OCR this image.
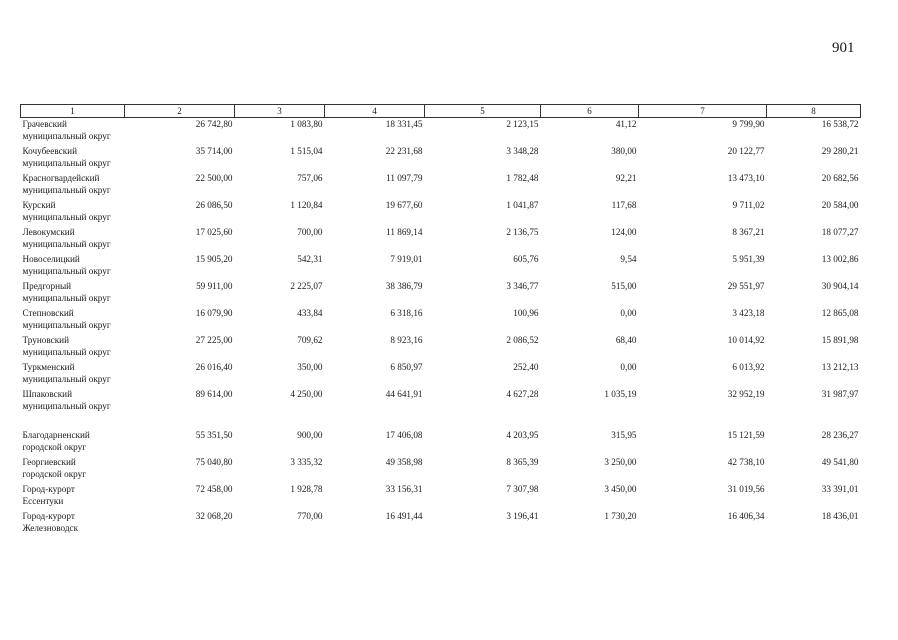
901
1	2	3	4	5	6	7	8

Грачевский
муниципальный округ	26 742,80	1 083,80	18 331,45	2 123,15	41,12	9 799,90	16 538,72

Кочубеевский
муниципальный округ	35 714,00	1 515,04	22 231,68	3 348,28	380,00	20 122,77	29 280,21

Красногвардейский
муниципальный округ	22 500,00	757,06	11 097,79	1 782,48	92,21	13 473,10	20 682,56

Курский
муниципальный округ	26 086,50	1 120,84	19 677,60	1 041,87	117,68	9 711,02	20 584,00

Левокумский
муниципальный округ	17 025,60	700,00	11 869,14	2 136,75	124,00	8 367,21	18 077,27

Новоселицкий
муниципальный округ	15 905,20	542,31	7 919,01	605,76	9,54	5 951,39	13 002,86

Предгорный
муниципальный округ	59 911,00	2 225,07	38 386,79	3 346,77	515,00	29 551,97	30 904,14

Степновский
муниципальный округ	16 079,90	433,84	6 318,16	100,96	0,00	3 423,18	12 865,08

Труновский
муниципальный округ	27 225,00	709,62	8 923,16	2 086,52	68,40	10 014,92	15 891,98

Туркменский
муниципальный округ	26 016,40	350,00	6 850,97	252,40	0,00	6 013,92	13 212,13

Шпаковский
муниципальный округ	89 614,00	4 250,00	44 641,91	4 627,28	1 035,19	32 952,19	31 987,97

Благодарненский
городской округ	55 351,50	900,00	17 406,08	4 203,95	315,95	15 121,59	28 236,27

Георгиевский
городской округ	75 040,80	3 335,32	49 358,98	8 365,39	3 250,00	42 738,10	49 541,80

Город-курорт
Ессентуки	72 458,00	1 928,78	33 156,31	7 307,98	3 450,00	31 019,56	33 391,01

Город-курорт
Железноводск	32 068,20	770,00	16 491,44	3 196,41	1 730,20	16 406,34	18 436,01
